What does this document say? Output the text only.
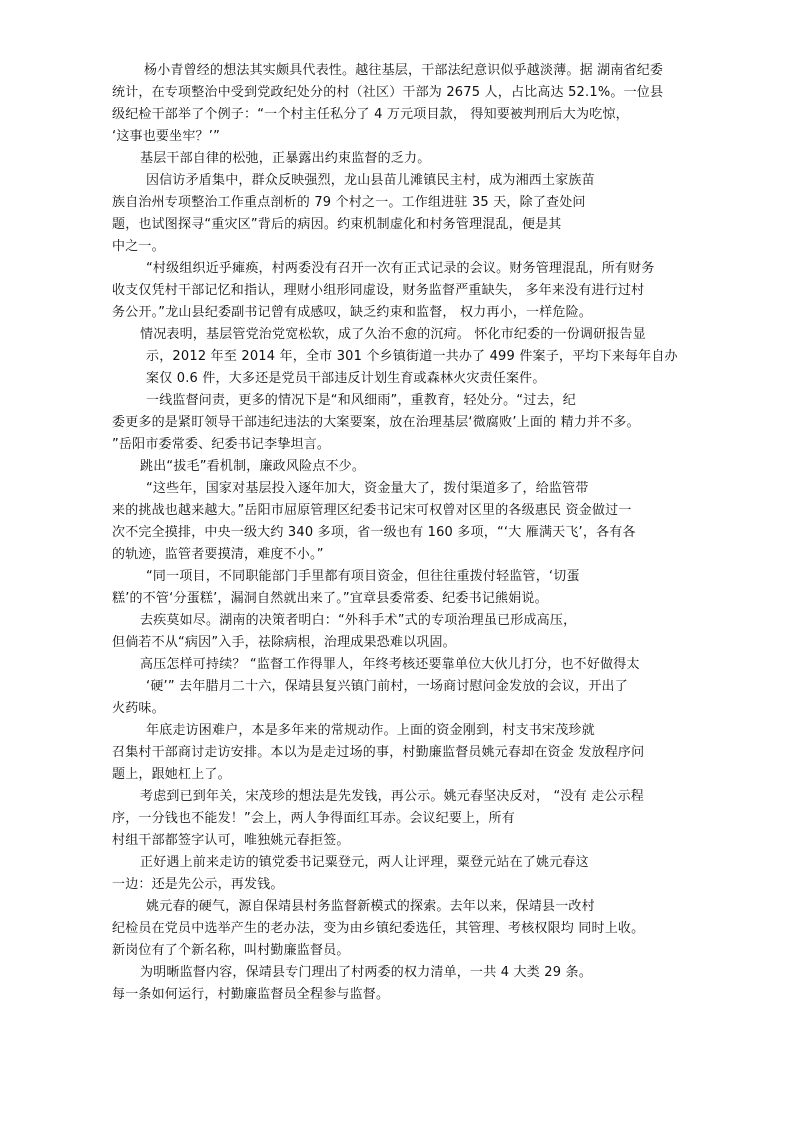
杨小青曾经的想法其实颇具代表性。越往基层，干部法纪意识似乎越淡薄。据 湖南省纪委
统计，在专项整治中受到党政纪处分的村（社区）干部为 2675 人，占比高达 52.1%。一位县
级纪检干部举了个例子：“一个村主任私分了 4 万元项目款， 得知要被判刑后大为吃惊，
‘这事也要坐牢？’”
基层干部自律的松弛，正暴露出约束监督的乏力。
因信访矛盾集中，群众反映强烈，龙山县苗儿滩镇民主村，成为湘西土家族苗
族自治州专项整治工作重点剖析的 79 个村之一。工作组进驻 35 天，除了查处问
题，也试图探寻“重灾区”背后的病因。约束机制虚化和村务管理混乱，便是其
中之一。
“村级组织近乎瘫痪，村两委没有召开一次有正式记录的会议。财务管理混乱，所有财务
收支仅凭村干部记忆和指认，理财小组形同虚设，财务监督严重缺失， 多年来没有进行过村
务公开。”龙山县纪委副书记曾有成感叹，缺乏约束和监督， 权力再小，一样危险。
情况表明，基层管党治党宽松软，成了久治不愈的沉疴。 怀化市纪委的一份调研报告显
示，2012 年至 2014 年，全市 301 个乡镇街道一共办了 499 件案子，平均下来每年自办
案仅 0.6 件，大多还是党员干部违反计划生育或森林火灾责任案件。
一线监督问责，更多的情况下是“和风细雨”，重教育，轻处分。“过去，纪
委更多的是紧盯领导干部违纪违法的大案要案，放在治理基层‘微腐败’上面的 精力并不多。
”岳阳市委常委、纪委书记李挚坦言。
跳出“拔毛”看机制，廉政风险点不少。
“这些年，国家对基层投入逐年加大，资金量大了，拨付渠道多了，给监管带
来的挑战也越来越大。”岳阳市屈原管理区纪委书记宋可权曾对区里的各级惠民 资金做过一
次不完全摸排，中央一级大约 340 多项，省一级也有 160 多项，“‘大 雁满天飞’，各有各
的轨迹，监管者要摸清，难度不小。”
“同一项目，不同职能部门手里都有项目资金，但往往重拨付轻监管，‘切蛋
糕’的不管‘分蛋糕’，漏洞自然就出来了。”宜章县委常委、纪委书记熊娟说。
去疾莫如尽。湖南的决策者明白：“外科手术”式的专项治理虽已形成高压，
但倘若不从“病因”入手，祛除病根，治理成果恐难以巩固。
高压怎样可持续？ “监督工作得罪人，年终考核还要靠单位大伙儿打分，也不好做得太
‘硬’” 去年腊月二十六，保靖县复兴镇门前村，一场商讨慰问金发放的会议，开出了
火药味。
年底走访困难户，本是多年来的常规动作。上面的资金刚到，村支书宋茂珍就
召集村干部商讨走访安排。本以为是走过场的事，村勤廉监督员姚元春却在资金 发放程序问
题上，跟她杠上了。
考虑到已到年关，宋茂珍的想法是先发钱，再公示。姚元春坚决反对， “没有 走公示程
序，一分钱也不能发！”会上，两人争得面红耳赤。会议纪要上，所有
村组干部都签字认可，唯独姚元春拒签。
正好遇上前来走访的镇党委书记粟登元，两人让评理，粟登元站在了姚元春这
一边：还是先公示，再发钱。
姚元春的硬气，源自保靖县村务监督新模式的探索。去年以来，保靖县一改村
纪检员在党员中选举产生的老办法，变为由乡镇纪委选任，其管理、考核权限均 同时上收。
新岗位有了个新名称，叫村勤廉监督员。
为明晰监督内容，保靖县专门理出了村两委的权力清单，一共 4 大类 29 条。
每一条如何运行，村勤廉监督员全程参与监督。
